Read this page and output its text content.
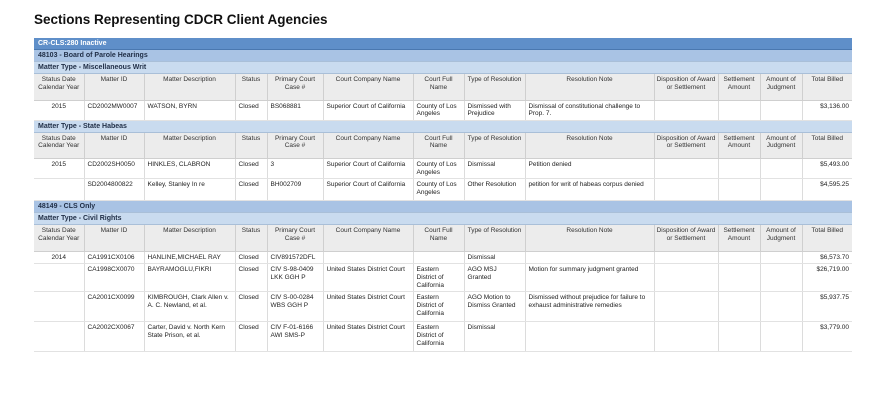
Sections Representing CDCR Client Agencies
CR-CLS:280 Inactive
48103 - Board of Parole Hearings
Matter Type - Miscellaneous Writ
Status Date Calendar Year	Matter ID	Matter Description	Status	Primary Court Case #	Court Company Name	Court Full Name	Type of Resolution	Resolution Note	Disposition of Award or Settlement	Settlement Amount	Amount of Judgment	Total Billed
2015	CD2002MW0007	WATSON, BYRN	Closed	BS068881	Superior Court of California	County of Los Angeles	Dismissed with Prejudice	Dismissal of constitutional challenge to Prop. 7.				$3,136.00
Matter Type - State Habeas
Status Date Calendar Year	Matter ID	Matter Description	Status	Primary Court Case #	Court Company Name	Court Full Name	Type of Resolution	Resolution Note	Disposition of Award or Settlement	Settlement Amount	Amount of Judgment	Total Billed
2015	CD2002SH0050	HINKLES, CLABRON	Closed	3	Superior Court of California	County of Los Angeles	Dismissal	Petition denied				$5,493.00
	SD2004800822	Kelley, Stanley In re	Closed	BH002709	Superior Court of California	County of Los Angeles	Other Resolution	petition for writ of habeas corpus denied				$4,595.25
48149 - CLS Only
Matter Type - Civil Rights
Status Date Calendar Year	Matter ID	Matter Description	Status	Primary Court Case #	Court Company Name	Court Full Name	Type of Resolution	Resolution Note	Disposition of Award or Settlement	Settlement Amount	Amount of Judgment	Total Billed
2014	CA1991CX0106	HANLINE,MICHAEL RAY	Closed	CIV891572DFL			Dismissal					$6,573.70
	CA1998CX0070	BAYRAMOGLU,FIKRI	Closed	CIV S-98-0409 LKK GGH P	United States District Court	Eastern District of California	AGO MSJ Granted	Motion for summary judgment granted				$26,719.00
	CA2001CX0099	KIMBROUGH, Clark Allen v. A. C. Newland, et al.	Closed	CIV S-00-0284 WBS GGH P	United States District Court	Eastern District of California	AGO Motion to Dismiss Granted	Dismissed without prejudice for failure to exhaust administrative remedies				$5,937.75
	CA2002CX0067	Carter, David v. North Kern State Prison, et al.	Closed	CIV F-01-6166 AWI SMS-P	United States District Court	Eastern District of California	Dismissal					$3,779.00
